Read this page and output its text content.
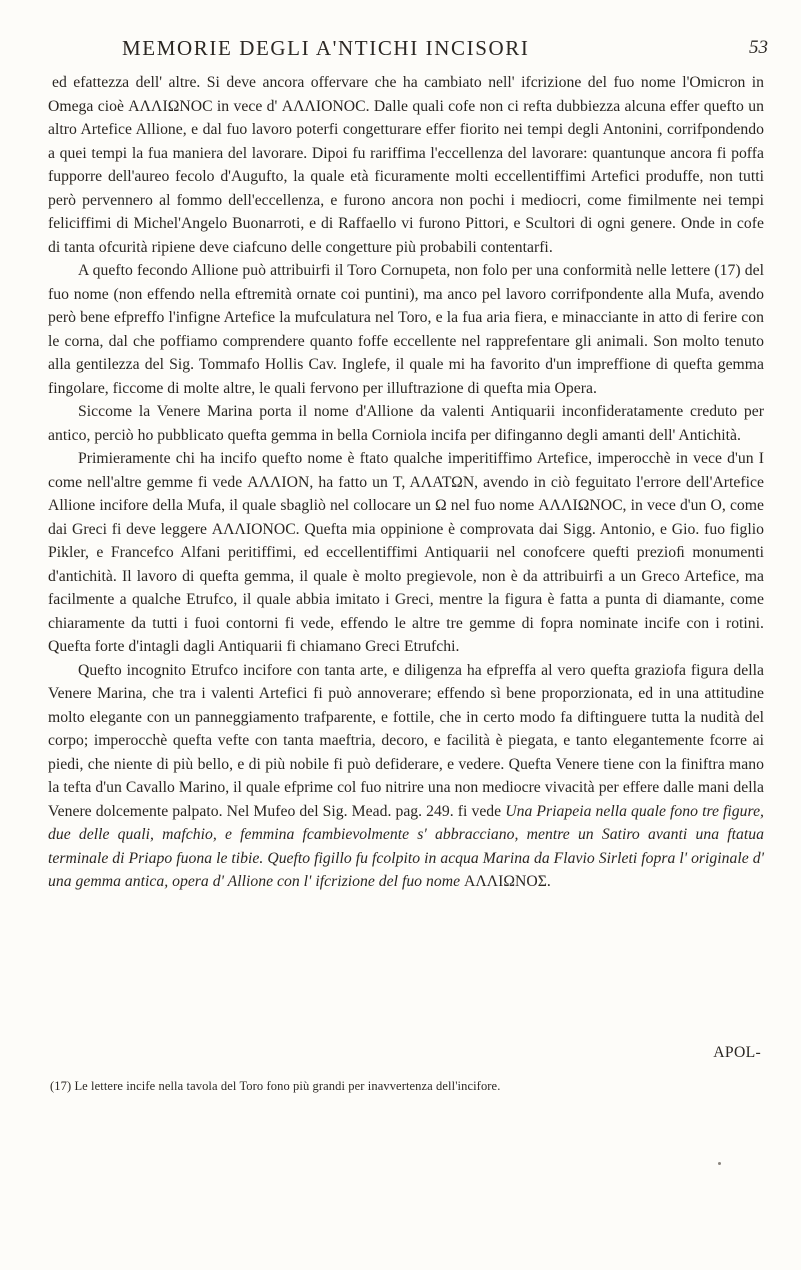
MEMORIE DEGLI A'NTICHI INCISORI	53

ed efattezza dell' altre. Si deve ancora offervare che ha cambiato nell' ifcrizione del fuo nome l'Omicron in Omega cioè ΑΛΛΙΩΝΟC in vece d' ΑΛΛΙΟΝΟC. Dalle quali cofe non ci refta dubbiezza alcuna effer quefto un altro Artefice Allione, e dal fuo lavoro poterfi congetturare effer fiorito nei tempi degli Antonini, corrifpondendo a quei tempi la fua maniera del lavorare. Dipoi fu rariffima l'eccellenza del lavorare: quantunque ancora fi poffa fupporre dell'aureo fecolo d'Augufto, la quale età ficuramente molti eccellentiffimi Artefici produffe, non tutti però pervennero al fommo dell'eccellenza, e furono ancora non pochi i mediocri, come fimilmente nei tempi feliciffimi di Michel'Angelo Buonarroti, e di Raffaello vi furono Pittori, e Scultori di ogni genere. Onde in cofe di tanta ofcurità ripiene deve ciafcuno delle congetture più probabili contentarfi.

A quefto fecondo Allione può attribuirfi il Toro Cornupeta, non folo per una conformità nelle lettere (17) del fuo nome (non effendo nella eftremità ornate coi puntini), ma anco pel lavoro corrifpondente alla Mufa, avendo però bene efpreffo l'infigne Artefice la mufculatura nel Toro, e la fua aria fiera, e minacciante in atto di ferire con le corna, dal che poffiamo comprendere quanto foffe eccellente nel rapprefentare gli animali. Son molto tenuto alla gentilezza del Sig. Tommafo Hollis Cav. Inglefe, il quale mi ha favorito d'un impreffione di quefta gemma fingolare, ficcome di molte altre, le quali fervono per illuftrazione di quefta mia Opera.

Siccome la Venere Marina porta il nome d'Allione da valenti Antiquarii inconfideratamente creduto per antico, perciò ho pubblicato quefta gemma in bella Corniola incifa per difinganno degli amanti dell' Antichità.

Primieramente chi ha incifo quefto nome è ftato qualche imperitiffimo Artefice, imperocchè in vece d'un I come nell'altre gemme fi vede ΑΛΛΙΟΝ, ha fatto un Τ, ΑΛΑΤΩΝ, avendo in ciò feguitato l'errore dell'Artefice Allione incifore della Mufa, il quale sbagliò nel collocare un Ω nel fuo nome ΑΛΛΙΩΝΟC, in vece d'un Ο, come dai Greci fi deve leggere ΑΛΛΙΟΝΟC. Quefta mia oppinione è comprovata dai Sigg. Antonio, e Gio. fuo figlio Pikler, e Francefco Alfani peritiffimi, ed eccellentiffimi Antiquarii nel conofcere quefti prezioﬁ monumenti d'antichità. Il lavoro di quefta gemma, il quale è molto pregievole, non è da attribuirfi a un Greco Artefice, ma facilmente a qualche Etrufco, il quale abbia imitato i Greci, mentre la figura è fatta a punta di diamante, come chiaramente da tutti i fuoi contorni fi vede, effendo le altre tre gemme di fopra nominate incife con i rotini. Quefta forte d'intagli dagli Antiquarii fi chiamano Greci Etrufchi.

Quefto incognito Etrufco incifore con tanta arte, e diligenza ha efpreffa al vero quefta graziofa figura della Venere Marina, che tra i valenti Artefici fi può annoverare; effendo sì bene proporzionata, ed in una attitudine molto elegante con un panneggiamento trafparente, e fottile, che in certo modo fa diftinguere tutta la nudità del corpo; imperocchè quefta vefte con tanta maeftria, decoro, e facilità è piegata, e tanto elegantemente fcorre ai piedi, che niente di più bello, e di più nobile fi può defiderare, e vedere. Quefta Venere tiene con la finiftra mano la tefta d'un Cavallo Marino, il quale efprime col fuo nitrire una non mediocre vivacità per effere dalle mani della Venere dolcemente palpato. Nel Mufeo del Sig. Mead. pag. 249. fi vede Una Priapeia nella quale fono tre figure, due delle quali, mafchio, e femmina fcambievolmente s' abbracciano, mentre un Satiro avanti una ftatua terminale di Priapo fuona le tibie. Quefto figillo fu fcolpito in acqua Marina da Flavio Sirleti fopra l' originale d' una gemma antica, opera d' Allione con l' ifcrizione del fuo nome ΑΛΛΙΩΝΟΣ.

APOL-
(17) Le lettere incife nella tavola del Toro fono più grandi per inavvertenza dell'incifore.
